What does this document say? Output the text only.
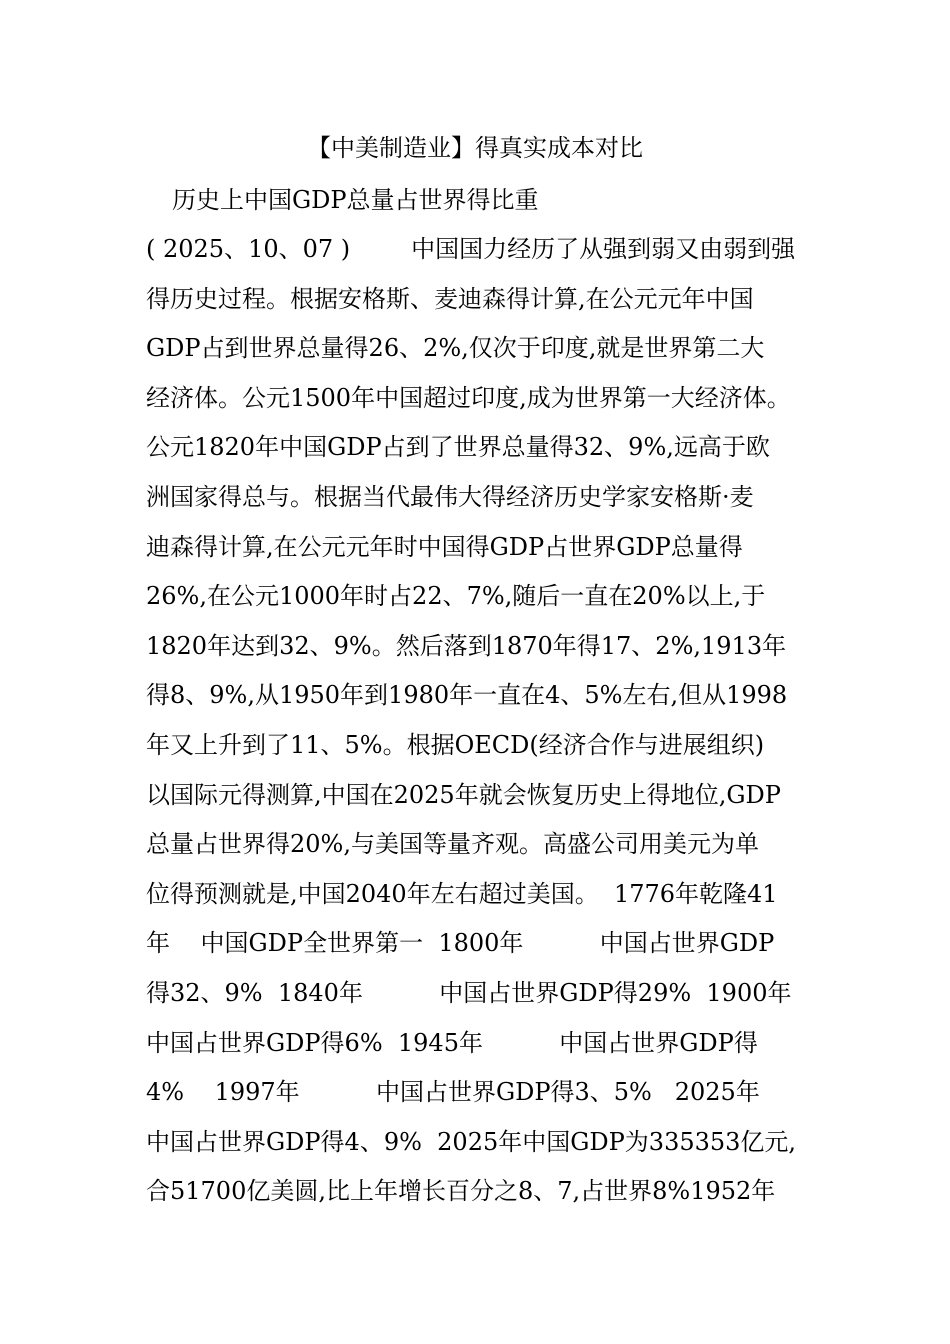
【中美制造业】得真实成本对比
历史上中国GDP总量占世界得比重
( 2025、10、07 )        中国国力经历了从强到弱又由弱到强
得历史过程。根据安格斯、麦迪森得计算,在公元元年中国
GDP占到世界总量得26、2%,仅次于印度,就是世界第二大
经济体。公元1500年中国超过印度,成为世界第一大经济体。
公元1820年中国GDP占到了世界总量得32、9%,远高于欧
洲国家得总与。根据当代最伟大得经济历史学家安格斯·麦
迪森得计算,在公元元年时中国得GDP占世界GDP总量得
26%,在公元1000年时占22、7%,随后一直在20%以上,于
1820年达到32、9%。然后落到1870年得17、2%,1913年
得8、9%,从1950年到1980年一直在4、5%左右,但从1998
年又上升到了11、5%。根据OECD(经济合作与进展组织)
以国际元得测算,中国在2025年就会恢复历史上得地位,GDP
总量占世界得20%,与美国等量齐观。高盛公司用美元为单
位得预测就是,中国2040年左右超过美国。  1776年乾隆41
年    中国GDP全世界第一  1800年          中国占世界GDP
得32、9%  1840年          中国占世界GDP得29%  1900年
中国占世界GDP得6%  1945年          中国占世界GDP得
4%    1997年          中国占世界GDP得3、5%   2025年
中国占世界GDP得4、9%  2025年中国GDP为335353亿元,
合51700亿美圆,比上年增长百分之8、7,占世界8%1952年
